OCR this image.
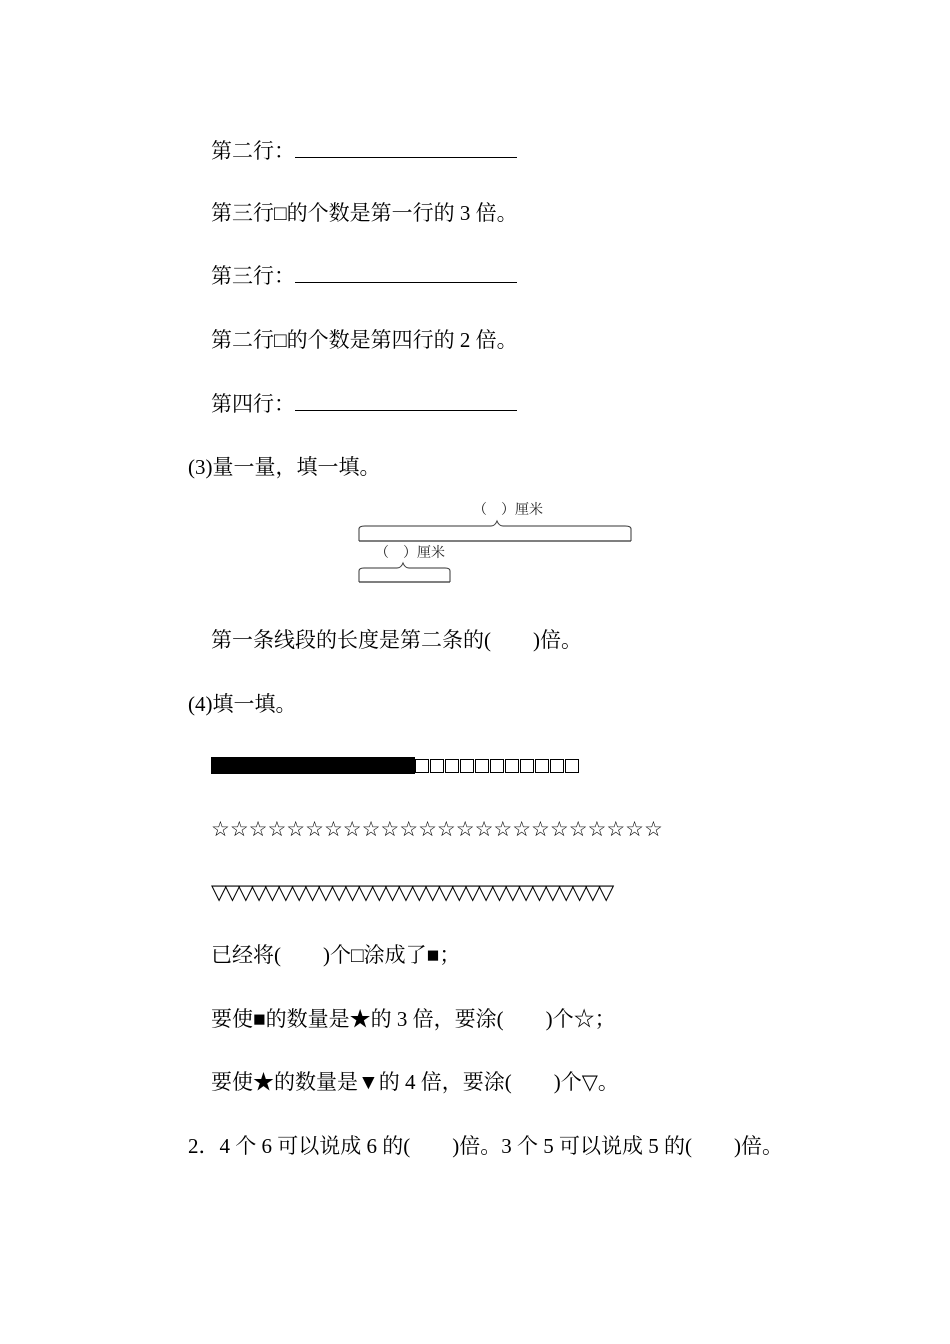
第二行：
第三行□的个数是第一行的 3 倍。
第三行：
第二行□的个数是第四行的 2 倍。
第四行：
(3)量一量，填一填。
（　）厘米
（　）厘米
第一条线段的长度是第二条的(　　)倍。
(4)填一填。
☆☆☆☆☆☆☆☆☆☆☆☆☆☆☆☆☆☆☆☆☆☆☆☆
▽▽▽▽▽▽▽▽▽▽▽▽▽▽▽▽▽▽▽▽▽▽▽▽▽▽▽▽▽▽
已经将(　　)个□涂成了■；
要使■的数量是★的 3 倍，要涂(　　)个☆；
要使★的数量是▼的 4 倍，要涂(　　)个▽。
2．4 个 6 可以说成 6 的(　　)倍。3 个 5 可以说成 5 的(　　)倍。
